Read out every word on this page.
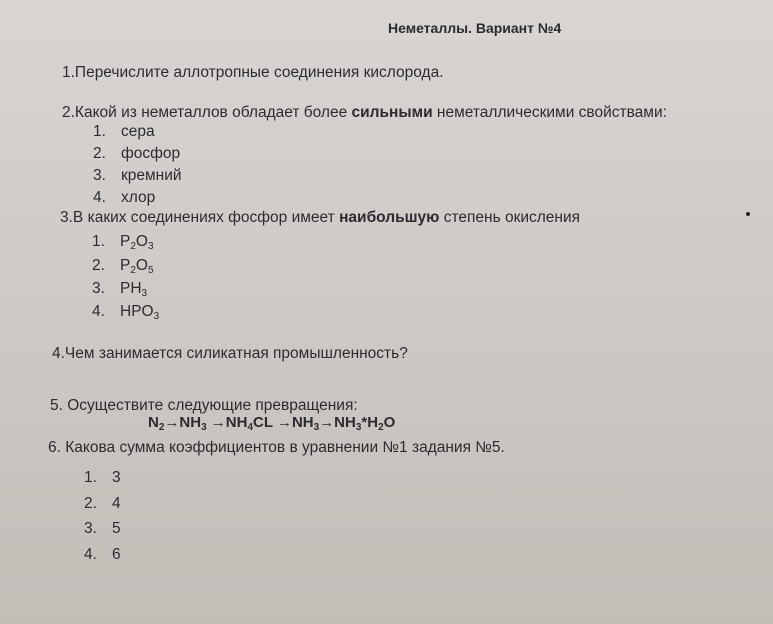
Неметаллы. Вариант №4
1.Перечислите аллотропные соединения кислорода.
2.Какой из неметаллов обладает более сильными неметаллическими свойствами:
1. сера
2. фосфор
3. кремний
4. хлор
3.В каких соединениях фосфор имеет наибольшую степень окисления
1. $P_2O_3$
2. $P_2O_5$
3. $PH_3$
4. $HPO_3$
4.Чем занимается силикатная промышленность?
5. Осуществите следующие превращения:
$N_2\to NH_3 \to NH_4CL \to NH_3\to NH_3*H_2O$
6. Какова сумма коэффициентов в уравнении №1 задания №5.
1. 3
2. 4
3. 5
4. 6
